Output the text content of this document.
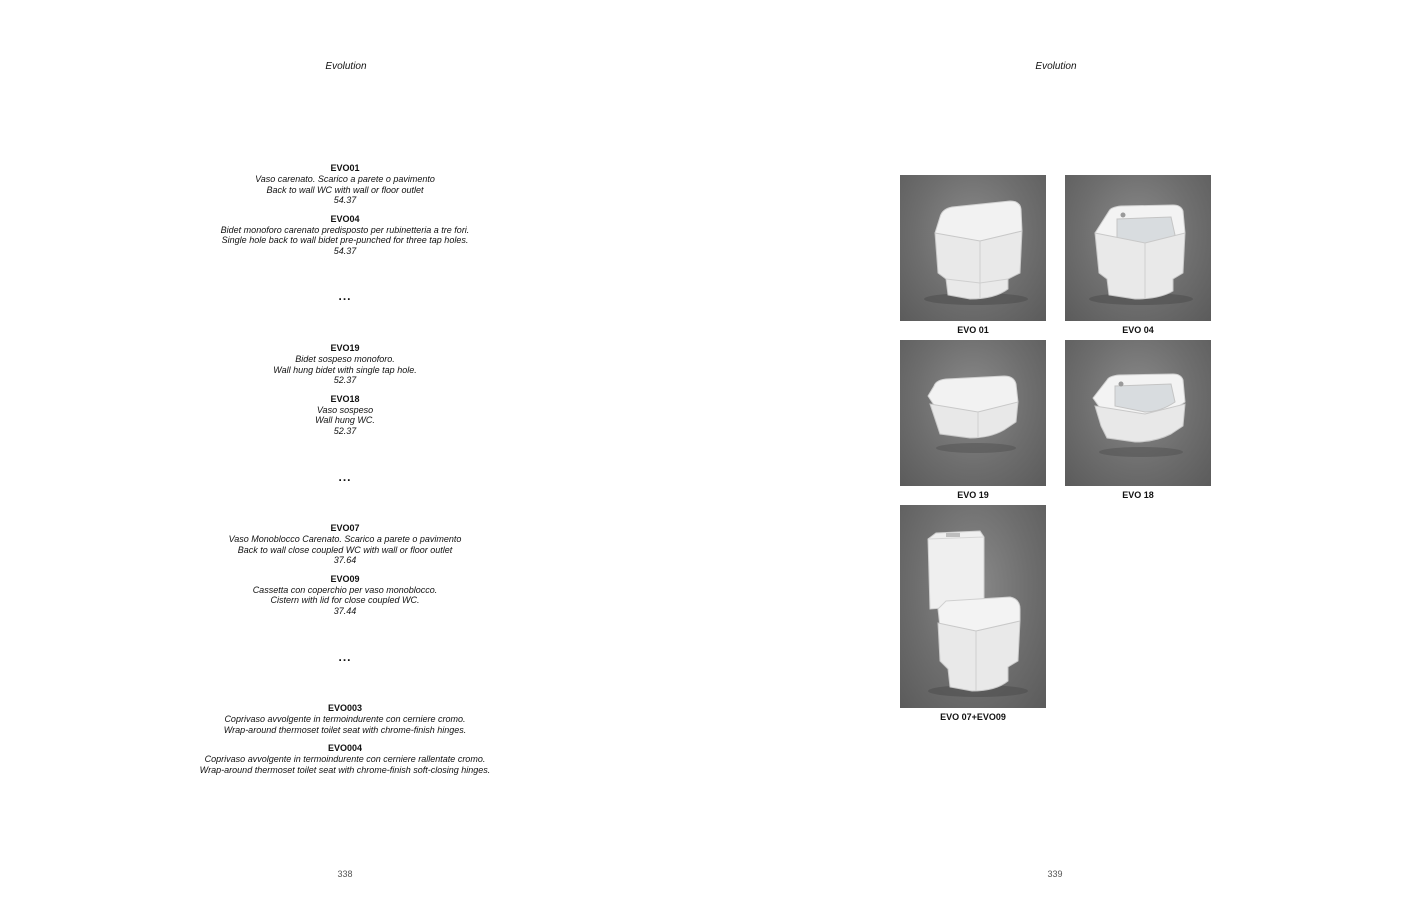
Evolution
EVO01
Vaso carenato. Scarico a parete o pavimento
Back to wall WC with wall or floor outlet
54.37
EVO04
Bidet monoforo carenato predisposto per rubinetteria a tre fori.
Single hole back to wall bidet pre-punched for three tap holes.
54.37
...
EVO19
Bidet sospeso monoforo.
Wall hung bidet with single tap hole.
52.37
EVO18
Vaso sospeso
Wall hung WC.
52.37
...
EVO07
Vaso Monoblocco Carenato. Scarico a parete o pavimento
Back to wall close coupled WC with wall or floor outlet
37.64
EVO09
Cassetta con coperchio per vaso monoblocco.
Cistern with lid for close coupled WC.
37.44
...
EVO003
Coprivaso avvolgente in termoindurente con cerniere cromo.
Wrap-around thermoset toilet seat with chrome-finish hinges.
EVO004
Coprivaso avvolgente in termoindurente con cerniere rallentate cromo.
Wrap-around thermoset toilet seat with chrome-finish soft-closing hinges.
338
Evolution
EVO 01	EVO 04
EVO 19	EVO 18
EVO 07+EVO09
339
